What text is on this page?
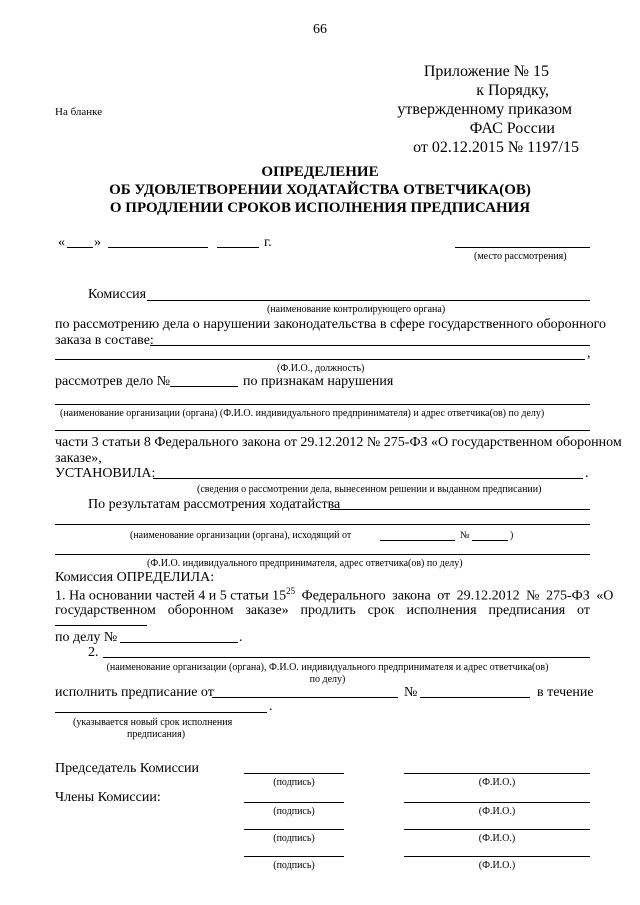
66
На бланке
Приложение № 15
к Порядку,
утвержденному приказом
ФАС России
от 02.12.2015 № 1197/15
ОПРЕДЕЛЕНИЕ
ОБ УДОВЛЕТВОРЕНИИ ХОДАТАЙСТВА ОТВЕТЧИКА(ОВ)
О ПРОДЛЕНИИ СРОКОВ ИСПОЛНЕНИЯ ПРЕДПИСАНИЯ
« »	г.
(место рассмотрения)
Комиссия
(наименование контролирующего органа)
по рассмотрению дела о нарушении законодательства в сфере государственного оборонного
заказа в составе:
,
(Ф.И.О., должность)
рассмотрев дело №	по признакам нарушения
(наименование организации (органа) (Ф.И.О. индивидуального предпринимателя) и адрес ответчика(ов) по делу)
части 3 статьи 8 Федерального закона от 29.12.2012 № 275-ФЗ «О государственном оборонном
заказе»,
УСТАНОВИЛА:	.
(сведения о рассмотрении дела, вынесенном решении и выданном предписании)
По результатам рассмотрения ходатайства
(наименование организации (органа), исходящий от	№	)
(Ф.И.О. индивидуального предпринимателя, адрес ответчика(ов) по делу)
Комиссия ОПРЕДЕЛИЛА:
1. На основании частей 4 и 5 статьи $15^{25}$ Федерального закона от 29.12.2012 № 275-ФЗ «О
государственном оборонном заказе» продлить срок исполнения предписания от
по делу №	.
2.
(наименование организации (органа), Ф.И.О. индивидуального предпринимателя и адрес ответчика(ов)
по делу)
исполнить предписание от	№	в течение
.
(указывается новый срок исполнения
предписания)
Председатель Комиссии
Члены Комиссии:
(подпись)	(Ф.И.О.)
(подпись)	(Ф.И.О.)
(подпись)	(Ф.И.О.)
(подпись)	(Ф.И.О.)
